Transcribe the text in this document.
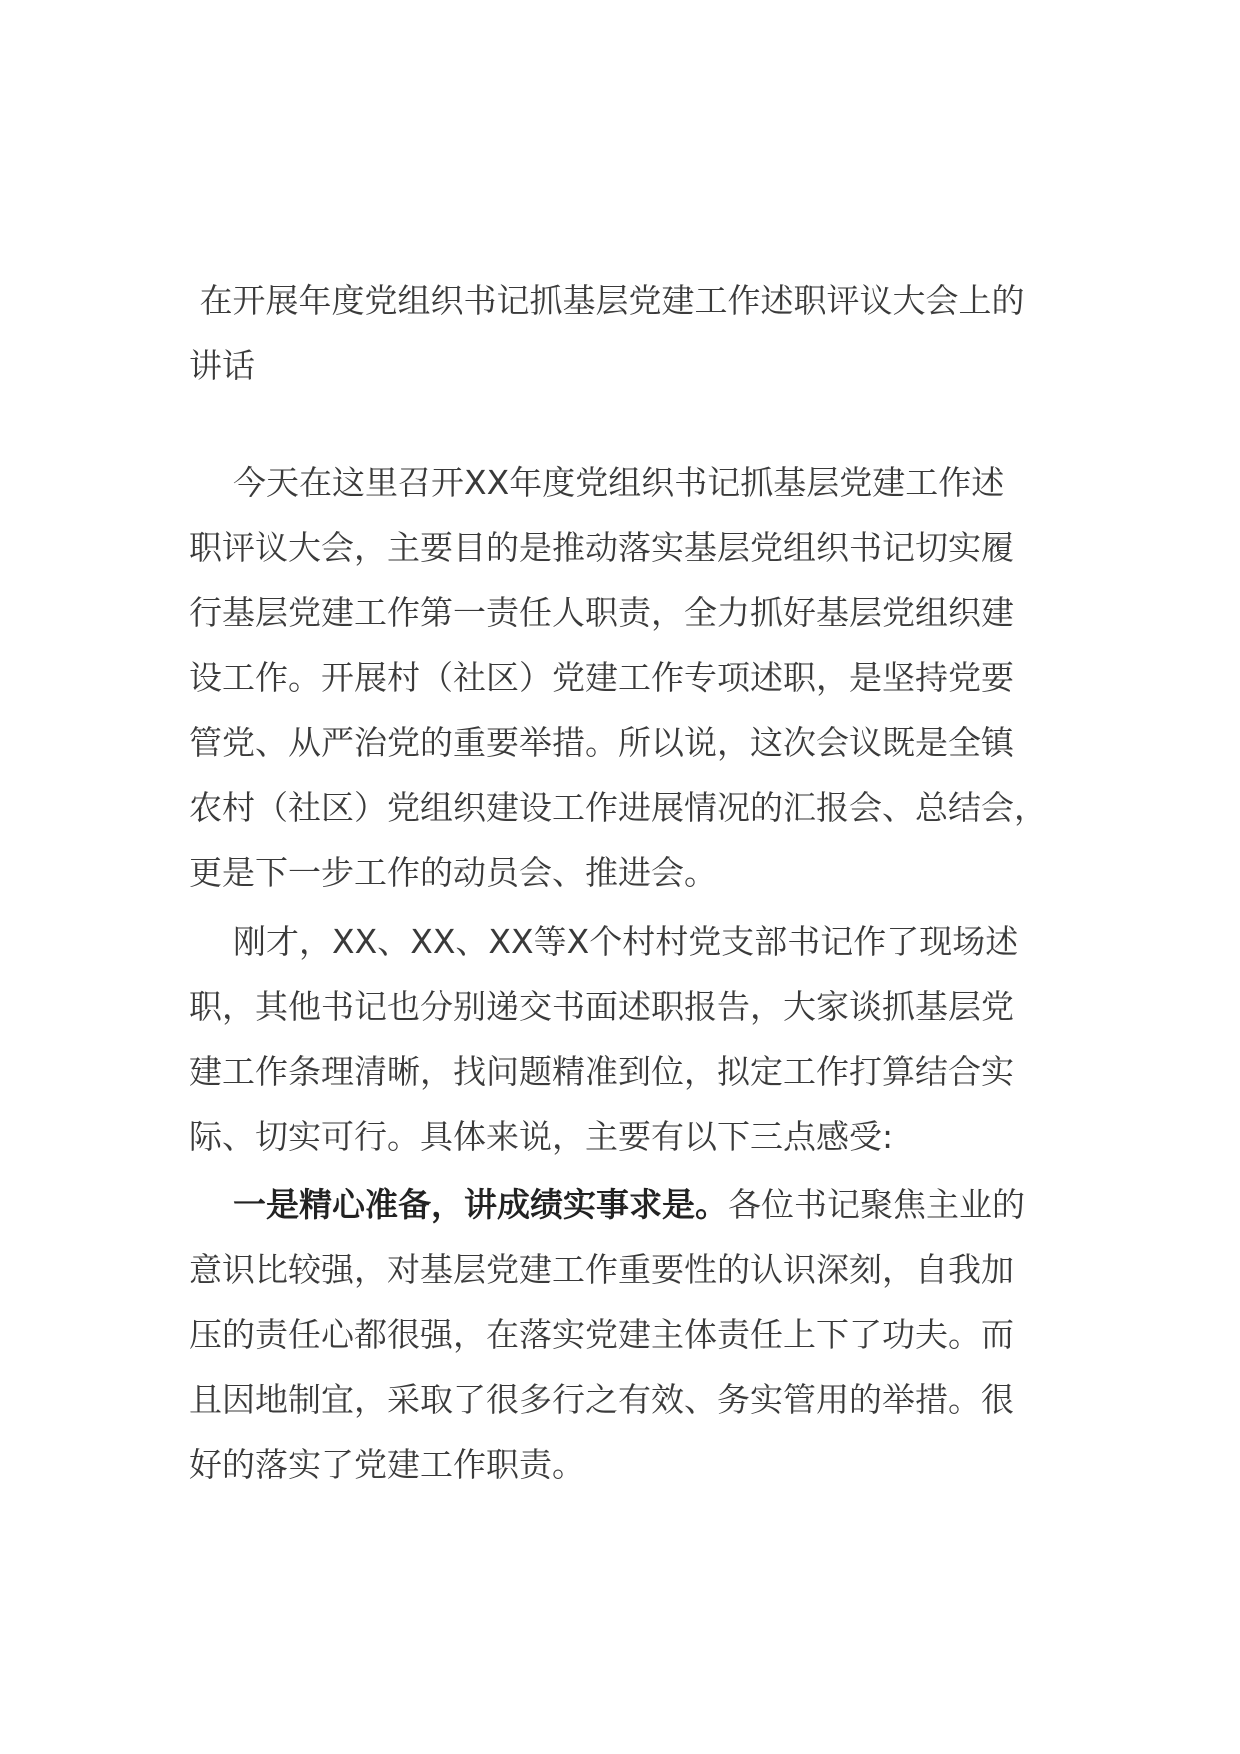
在开展年度党组织书记抓基层党建工作述职评议大会上的
讲话
今天在这里召开XX年度党组织书记抓基层党建工作述
职评议大会，主要目的是推动落实基层党组织书记切实履
行基层党建工作第一责任人职责，全力抓好基层党组织建
设工作。开展村（社区）党建工作专项述职，是坚持党要
管党、从严治党的重要举措。所以说，这次会议既是全镇
农村（社区）党组织建设工作进展情况的汇报会、总结会，
更是下一步工作的动员会、推进会。
刚才，XX、XX、XX等X个村村党支部书记作了现场述
职，其他书记也分别递交书面述职报告，大家谈抓基层党
建工作条理清晰，找问题精准到位，拟定工作打算结合实
际、切实可行。具体来说，主要有以下三点感受:
一是精心准备，讲成绩实事求是。各位书记聚焦主业的
意识比较强，对基层党建工作重要性的认识深刻，自我加
压的责任心都很强，在落实党建主体责任上下了功夫。而
且因地制宜，采取了很多行之有效、务实管用的举措。很
好的落实了党建工作职责。
